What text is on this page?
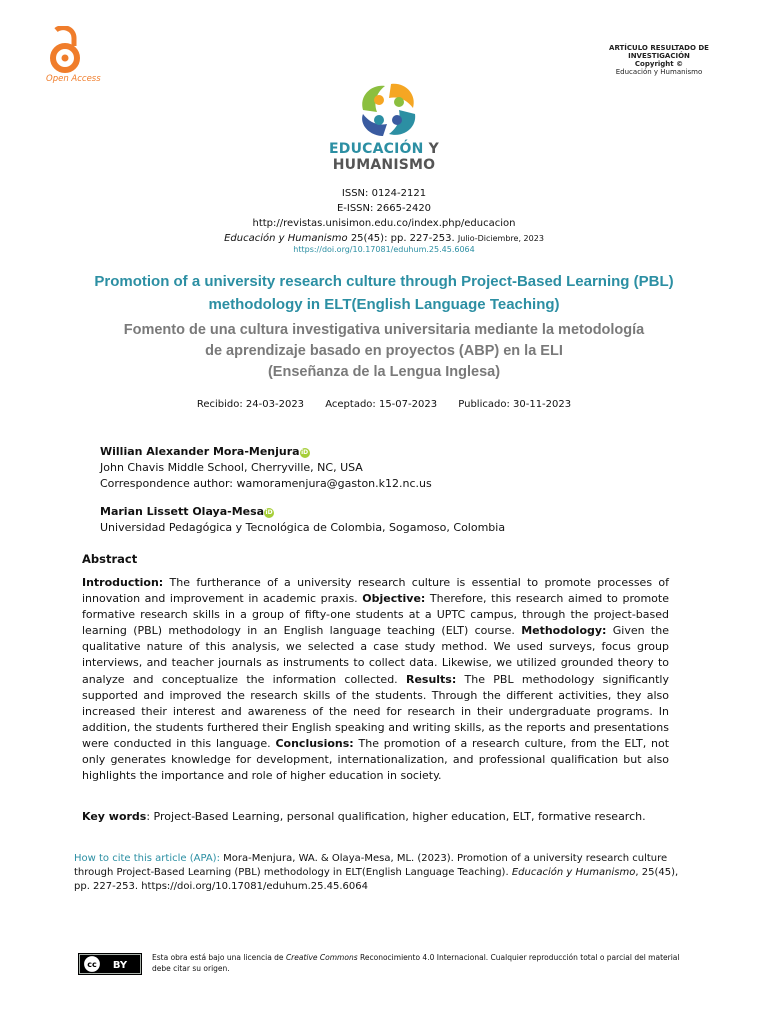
Open Access
ARTÍCULO RESULTADO DE
INVESTIGACIÓN
Copyright ©
Educación y Humanismo
EDUCACIÓN Y
HUMANISMO
ISSN: 0124-2121
E-ISSN: 2665-2420
http://revistas.unisimon.edu.co/index.php/educacion
Educación y Humanismo 25(45): pp. 227-253. Julio-Diciembre, 2023
https://doi.org/10.17081/eduhum.25.45.6064
Promotion of a university research culture through Project-Based Learning (PBL) methodology in ELT(English Language Teaching)
Fomento de una cultura investigativa universitaria mediante la metodología
de aprendizaje basado en proyectos (ABP) en la ELI
(Enseñanza de la Lengua Inglesa)
Recibido: 24-03-2023 Aceptado: 15-07-2023 Publicado: 30-11-2023
Willian Alexander Mora-MenjuraiD
John Chavis Middle School, Cherryville, NC, USA
Correspondence author: wamoramenjura@gaston.k12.nc.us
Marian Lissett Olaya-MesaiD
Universidad Pedagógica y Tecnológica de Colombia, Sogamoso, Colombia
Abstract
Introduction: The furtherance of a university research culture is essential to promote processes of innovation and improvement in academic praxis. Objective: Therefore, this research aimed to promote formative research skills in a group of fifty-one students at a UPTC campus, through the project-based learning (PBL) methodology in an English language teaching (ELT) course. Methodology: Given the qualitative nature of this analysis, we selected a case study method. We used surveys, focus group interviews, and teacher journals as instruments to collect data. Likewise, we utilized grounded theory to analyze and conceptualize the information collected. Results: The PBL methodology significantly supported and improved the research skills of the students. Through the different activities, they also increased their interest and awareness of the need for research in their undergraduate programs. In addition, the students furthered their English speaking and writing skills, as the reports and presentations were conducted in this language. Conclusions: The promotion of a research culture, from the ELT, not only generates knowledge for development, internationalization, and professional qualification but also highlights the importance and role of higher education in society.
Key words: Project-Based Learning, personal qualification, higher education, ELT, formative research.
How to cite this article (APA): Mora-Menjura, WA. & Olaya-Mesa, ML. (2023). Promotion of a university research culture through Project-Based Learning (PBL) methodology in ELT(English Language Teaching). Educación y Humanismo, 25(45), pp. 227-253. https://doi.org/10.17081/eduhum.25.45.6064
cc BY
Esta obra está bajo una licencia de Creative Commons Reconocimiento 4.0 Internacional. Cualquier reproducción total o parcial del material debe citar su origen.
